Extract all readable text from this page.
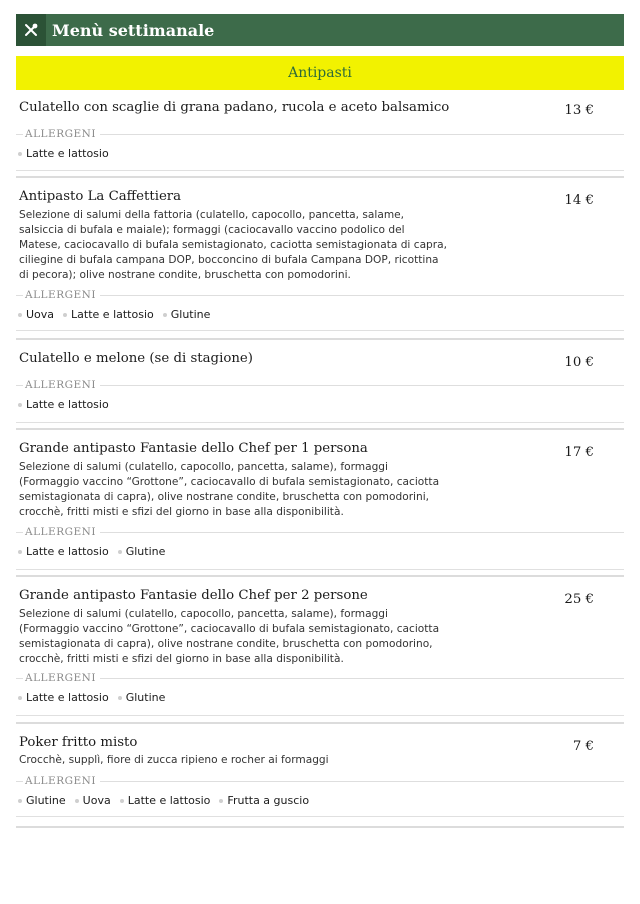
Menù settimanale
Antipasti
Culatello con scaglie di grana padano, rucola e aceto balsamico	13 €
ALLERGENI
Latte e lattosio
Antipasto La Caffettiera	14 €
Selezione di salumi della fattoria (culatello, capocollo, pancetta, salame, salsiccia di bufala e maiale); formaggi (caciocavallo vaccino podolico del Matese, caciocavallo di bufala semistagionato, caciotta semistagionata di capra, ciliegine di bufala campana DOP, bocconcino di bufala Campana DOP, ricottina di pecora); olive nostrane condite, bruschetta con pomodorini.
ALLERGENI
Uova Latte e lattosio Glutine
Culatello e melone (se di stagione)	10 €
ALLERGENI
Latte e lattosio
Grande antipasto Fantasie dello Chef per 1 persona	17 €
Selezione di salumi (culatello, capocollo, pancetta, salame), formaggi (Formaggio vaccino “Grottone”, caciocavallo di bufala semistagionato, caciotta semistagionata di capra), olive nostrane condite, bruschetta con pomodorini, crocchè, fritti misti e sfizi del giorno in base alla disponibilità.
ALLERGENI
Latte e lattosio Glutine
Grande antipasto Fantasie dello Chef per 2 persone	25 €
Selezione di salumi (culatello, capocollo, pancetta, salame), formaggi (Formaggio vaccino “Grottone”, caciocavallo di bufala semistagionato, caciotta semistagionata di capra), olive nostrane condite, bruschetta con pomodorino, crocchè, fritti misti e sfizi del giorno in base alla disponibilità.
ALLERGENI
Latte e lattosio Glutine
Poker fritto misto	7 €
Crocchè, supplì, fiore di zucca ripieno e rocher ai formaggi
ALLERGENI
Glutine Uova Latte e lattosio Frutta a guscio
